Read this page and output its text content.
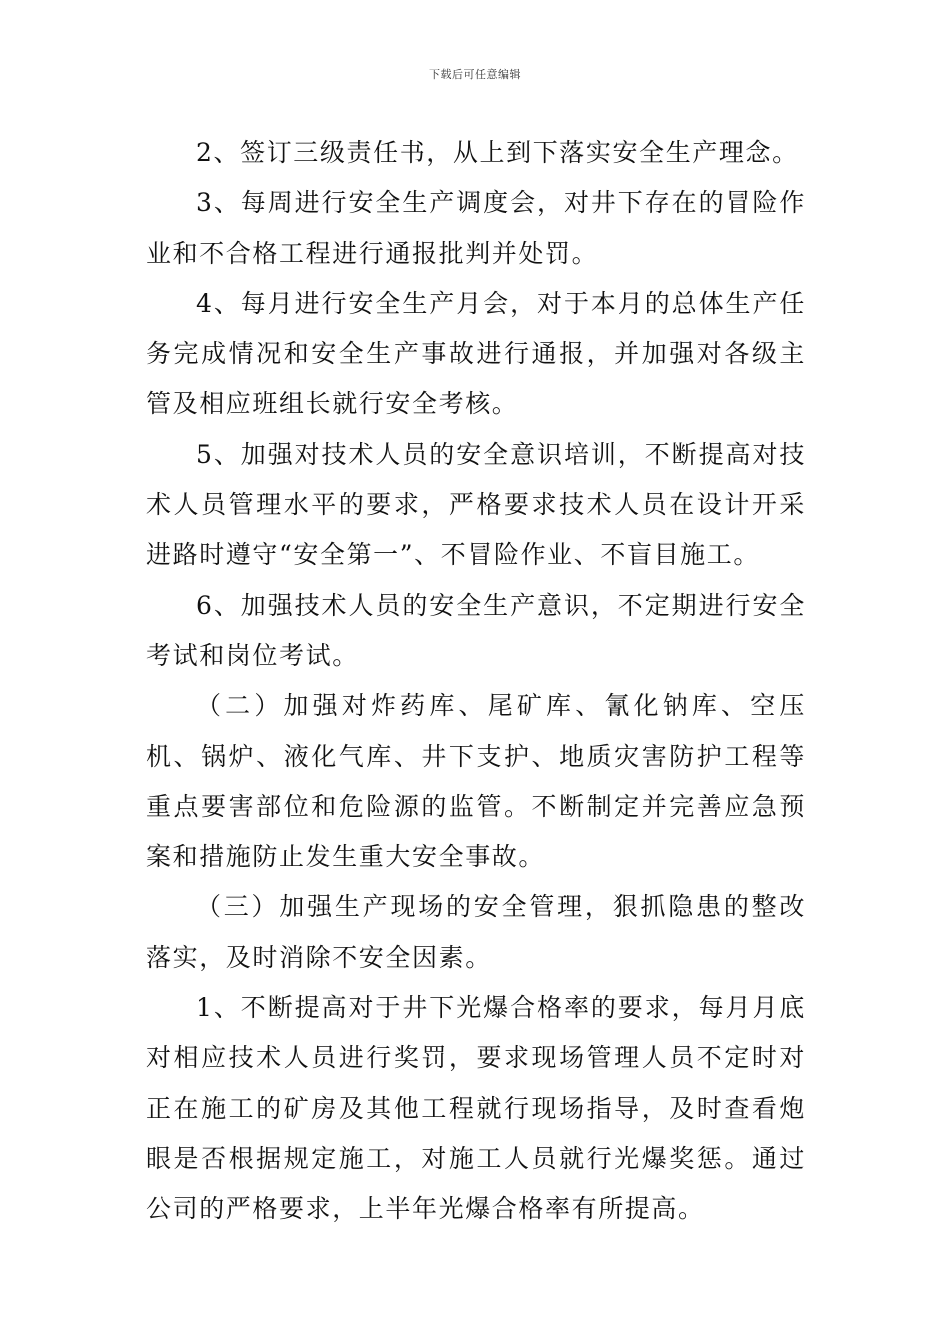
下载后可任意编辑

2、签订三级责任书，从上到下落实安全生产理念。

3、每周进行安全生产调度会，对井下存在的冒险作业和不合格工程进行通报批判并处罚。

4、每月进行安全生产月会，对于本月的总体生产任务完成情况和安全生产事故进行通报，并加强对各级主管及相应班组长就行安全考核。

5、加强对技术人员的安全意识培训，不断提高对技术人员管理水平的要求，严格要求技术人员在设计开采进路时遵守“安全第一”、不冒险作业、不盲目施工。

6、加强技术人员的安全生产意识，不定期进行安全考试和岗位考试。

（二）加强对炸药库、尾矿库、氰化钠库、空压机、锅炉、液化气库、井下支护、地质灾害防护工程等重点要害部位和危险源的监管。不断制定并完善应急预案和措施防止发生重大安全事故。

（三）加强生产现场的安全管理，狠抓隐患的整改落实，及时消除不安全因素。

1、不断提高对于井下光爆合格率的要求，每月月底对相应技术人员进行奖罚，要求现场管理人员不定时对正在施工的矿房及其他工程就行现场指导，及时查看炮眼是否根据规定施工，对施工人员就行光爆奖惩。通过公司的严格要求，上半年光爆合格率有所提高。
